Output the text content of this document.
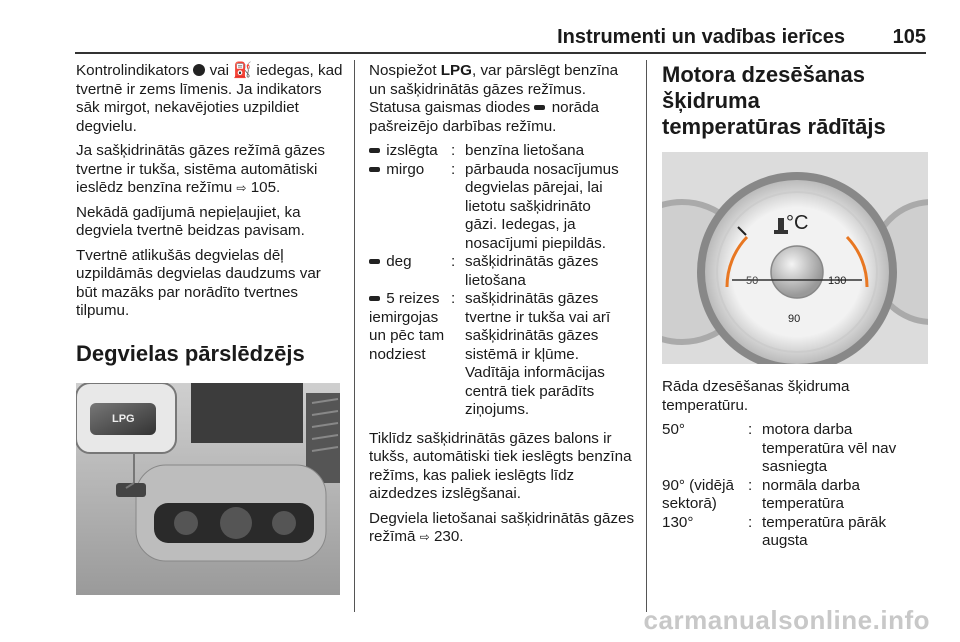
Instrumenti un vadības ierīces 105
Kontrolindikators  vai ⛽ iedegas, kad tvertnē ir zems līmenis. Ja indikators sāk mirgot, nekavējoties uzpildiet degvielu.
Ja sašķidrinātās gāzes režīmā gāzes tvertne ir tukša, sistēma automātiski ieslēdz benzīna režīmu ⇨ 105.
Nekādā gadījumā nepieļaujiet, ka degviela tvertnē beidzas pavisam.
Tvertnē atlikušās degvielas dēļ uzpildāmās degvielas daudzums var būt mazāks par norādīto tvertnes tilpumu.
Degvielas pārslēdzējs
LPG
Nospiežot LPG, var pārslēgt benzīna un sašķidrinātās gāzes režīmus. Statusa gaismas diodes  norāda pašreizējo darbības režīmu.
izslēgta : benzīna lietošana
mirgo	: pārbauda nosacījumus degvielas pārejai, lai lietotu sašķidrināto gāzi. Iedegas, ja nosacījumi piepildās.
deg	: sašķidrinātās gāzes lietošana
5 reizes iemirgojas un pēc tam nodziest
: sašķidrinātās gāzes tvertne ir tukša vai arī sašķidrinātās gāzes sistēmā ir kļūme. Vadītāja informācijas centrā tiek parādīts ziņojums.
Tiklīdz sašķidrinātās gāzes balons ir tukšs, automātiski tiek ieslēgts benzīna režīms, kas paliek ieslēgts līdz aizdedzes izslēgšanai.
Degviela lietošanai sašķidrinātās gāzes režīmā ⇨ 230.
Motora dzesēšanas šķidruma temperatūras rādītājs
°C
50	130
90
Rāda dzesēšanas šķidruma temperatūru.
50°	: motora darba temperatūra vēl nav sasniegta
90° (vidējā sektorā)
: normāla darba temperatūra
130°	: temperatūra pārāk augsta
carmanualsonline.info
